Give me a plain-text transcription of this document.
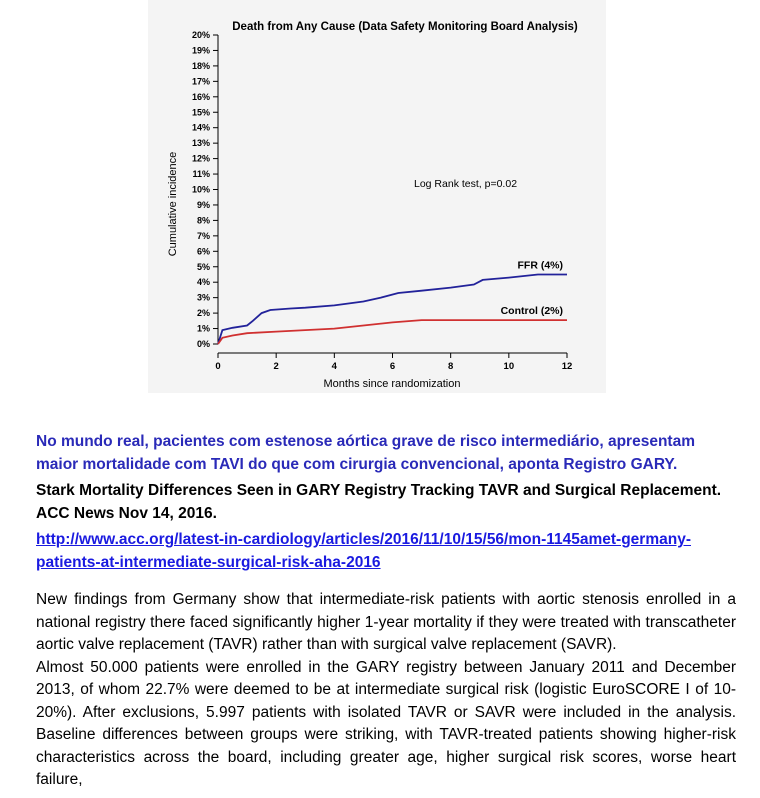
Death from Any Cause (Data Safety Monitoring Board Analysis)
Log Rank test, p=0.02
Months since randomization
Cumulative incidence
0%
1%
2%
3%
4%
5%
6%
7%
8%
9%
10%
11%
12%
13%
14%
15%
16%
17%
18%
19%
20%
0	2	4	6	8	10	12
FFR (4%)
Control (2%)
No mundo real, pacientes com estenose aórtica grave de risco intermediário, apresentam maior mortalidade com TAVI do que com cirurgia convencional, aponta Registro GARY.
Stark Mortality Differences Seen in GARY Registry Tracking TAVR and Surgical Replacement. ACC News Nov 14, 2016.
http://www.acc.org/latest-in-cardiology/articles/2016/11/10/15/56/mon-1145amet-germany-patients-at-intermediate-surgical-risk-aha-2016

New findings from Germany show that intermediate-risk patients with aortic stenosis enrolled in a national registry there faced significantly higher 1-year mortality if they were treated with transcatheter aortic valve replacement (TAVR) rather than with surgical valve replacement (SAVR).

Almost 50.000 patients were enrolled in the GARY registry between January 2011 and December 2013, of whom 22.7% were deemed to be at intermediate surgical risk (logistic EuroSCORE I of 10-20%). After exclusions, 5.997 patients with isolated TAVR or SAVR were included in the analysis. Baseline differences between groups were striking, with TAVR-treated patients showing higher-risk characteristics across the board, including greater age, higher surgical risk scores, worse heart failure,
